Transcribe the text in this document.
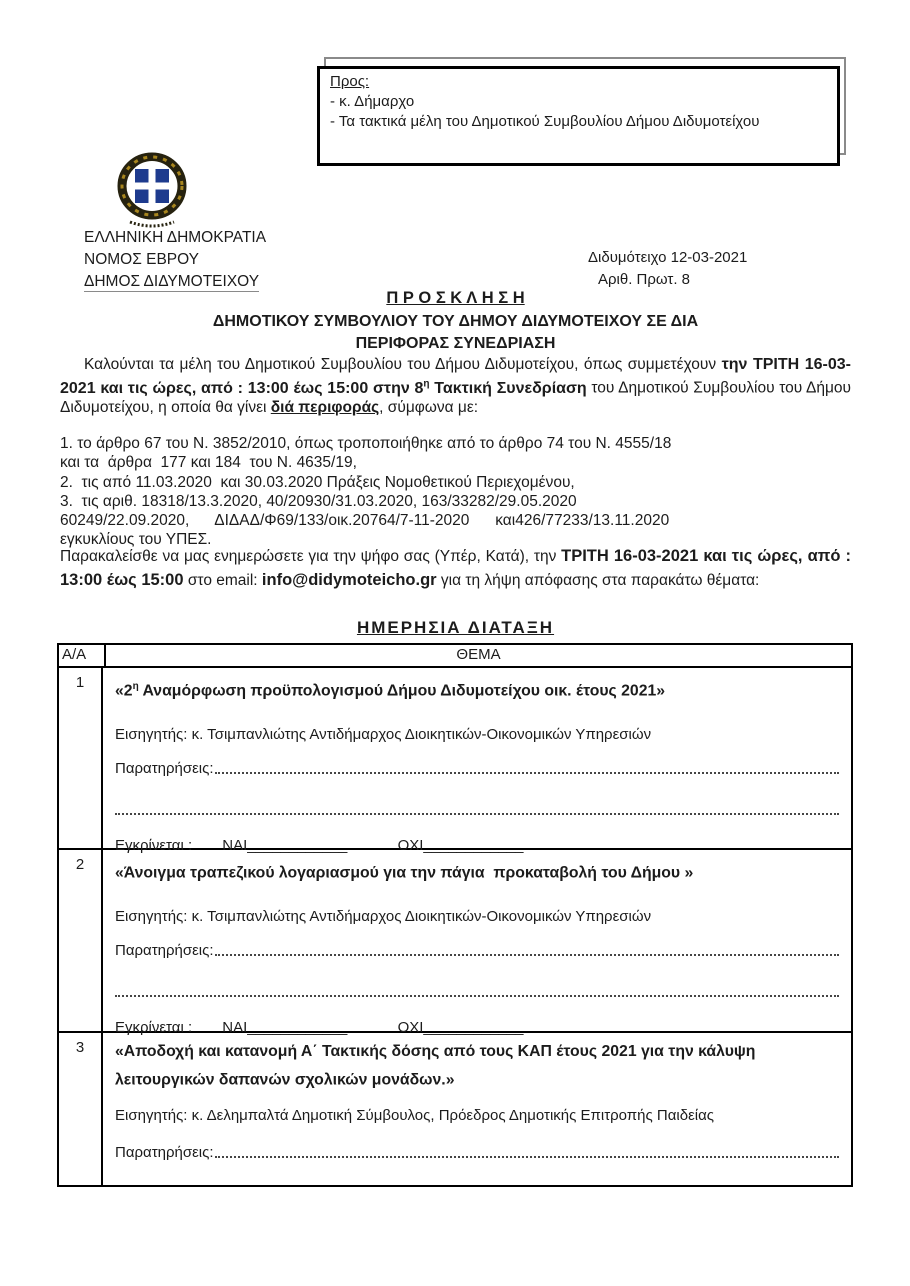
Προς:
- κ. Δήμαρχο
- Τα τακτικά μέλη του Δημοτικού Συμβουλίου Δήμου Διδυμοτείχου
ΕΛΛΗΝΙΚΗ ΔΗΜΟΚΡΑΤΙΑ
ΝΟΜΟΣ ΕΒΡΟΥ
ΔΗΜΟΣ ΔΙΔΥΜΟΤΕΙΧΟΥ
Διδυμότειχο 12-03-2021
Αριθ. Πρωτ. 8
Π Ρ Ο Σ Κ Λ Η Σ Η
ΔΗΜΟΤΙΚΟΥ ΣΥΜΒΟΥΛΙΟΥ ΤΟΥ ΔΗΜΟΥ ΔΙΔΥΜΟΤΕΙΧΟΥ ΣΕ ΔΙΑ
ΠΕΡΙΦΟΡΑΣ ΣΥΝΕΔΡΙΑΣΗ

Καλούνται τα μέλη του Δημοτικού Συμβουλίου του Δήμου Διδυμοτείχου, όπως συμμετέχουν την ΤΡΙΤΗ 16-03-2021 και τις ώρες, από : 13:00 έως 15:00 στην $8^\eta$ Τακτική Συνεδρίαση του Δημοτικού Συμβουλίου του Δήμου Διδυμοτείχου, η οποία θα γίνει διά περιφοράς, σύμφωνα με:

1. το άρθρο 67 του Ν. 3852/2010, όπως τροποποιήθηκε από το άρθρο 74 του Ν. 4555/18
και τα  άρθρα  177 και 184  του Ν. 4635/19,
2.  τις από 11.03.2020  και 30.03.2020 Πράξεις Νομοθετικού Περιεχομένου,
3.  τις αριθ. 18318/13.3.2020, 40/20930/31.03.2020, 163/33282/29.05.2020
60249/22.09.2020,      ΔΙΔΑΔ/Φ69/133/οικ.20764/7-11-2020      και426/77233/13.11.2020
εγκυκλίους του ΥΠΕΣ.

Παρακαλείσθε να μας ενημερώσετε για την ψήφο σας (Υπέρ, Κατά), την ΤΡΙΤΗ 16-03-2021 και τις ώρες, από : 13:00 έως 15:00 στο email: info@didymoteicho.gr για τη λήψη απόφασης στα παρακάτω θέματα:

ΗΜΕΡΗΣΙΑ ΔΙΑΤΑΞΗ
Α/Α	ΘΕΜΑ
1	«$2^\eta$ Αναμόρφωση προϋπολογισμού Δήμου Διδυμοτείχου οικ. έτους 2021»
Εισηγητής: κ. Τσιμπανλιώτης Αντιδήμαρχος Διοικητικών-Οικονομικών Υπηρεσιών
Παρατηρήσεις:
Εγκρίνεται : ΝΑΙ____________	ΟΧΙ____________
2	«Άνοιγμα τραπεζικού λογαριασμού για την πάγια  προκαταβολή του Δήμου »
Εισηγητής: κ. Τσιμπανλιώτης Αντιδήμαρχος Διοικητικών-Οικονομικών Υπηρεσιών
Παρατηρήσεις:
Εγκρίνεται : ΝΑΙ____________	ΟΧΙ____________
3	«Αποδοχή και κατανομή Α΄ Τακτικής δόσης από τους ΚΑΠ έτους 2021 για την κάλυψη λειτουργικών δαπανών σχολικών μονάδων.»
Εισηγητής: κ. Δελημπαλτά Δημοτική Σύμβουλος, Πρόεδρος Δημοτικής Επιτροπής Παιδείας
Παρατηρήσεις:
